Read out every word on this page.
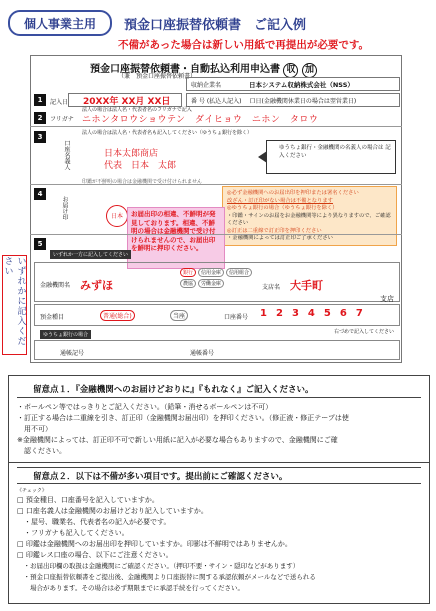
個人事業主用	預金口座振替依頼書　ご記入例
不備があった場合は新しい用紙で再提出が必要です。
預金口座振替依頼書・自動払込利用申込書 収 加
（兼　預金口座振替依頼書）
収納企業名	日本システム収納株式会社（NSS）
1	記入日	20XX年 XX月 XX日	番 号 (払込人記入) 口日(金融機関休業日の場合は翌営業日)
2	フリガナ
法人の場合は法人名・代表者名のフリガナで記入
ニホンタロウショウテン　ダイヒョウ　ニホン　タロウ
3
口座名義人
法人の場合は法人名・代表者名も記入してください（ゆうちょ銀行を除く）
日本太郎商店
代表　日本　太郎
ゆうちょ銀行・金融機関の名義人の場合は 記入ください
印鑑が不鮮明の場合は金融機関で受け付けられません
4
お届け印	日本
◎必ず金融機関へのお届出印を押印または署名ください
改ざん・訂正印がない場合は不備となります
◎ゆうちょ銀行の場合（ゆうちょ銀行を除く）
・印鑑・サインのお届をお金融機関等により異なりますので、ご確認ください
◎訂正は二重線で訂正印を押印ください
・金融機関によっては訂正印ご了承ください
お届出印の相違、不鮮明が発見しております。相違、不鮮明の場合は金融機関で受け付けられませんので、お届出印を鮮明に押印ください。
5
いずれか一方に記入してください
金融機関名 みずほ
銀行	信用金庫	信用組合
農協	労働金庫	支店名 大手町
支店
預金種目	普通(総合)	当座	口座番号 1 2 3 4 5 6 7
右づめで記入してください
ゆうちょ銀行の場合
通帳記号	通帳番号
いずれかに記入ください
留意点１．『金融機関へのお届けどおりに』『もれなく』ご記入ください。
・ボールペン等ではっきりとご記入ください。（鉛筆・消せるボールペンは不可）
・訂正する場合は二重線を引き、訂正印（金融機関お届出印）を押印ください。（修正液・修正テープは使
　用不可）
※金融機関によっては、訂正印不可で新しい用紙に記入が必要な場合もありますので、金融機関にご確
　認ください。
留意点２．以下は不備が多い項目です。提出前にご確認ください。
《チェック》
□ 預金種目、口座番号を記入していますか。
□ 口座名義人は金融機関のお届けどおり記入していますか。
　・屋号、職業名、代表者名の記入が必要です。
　・フリガナも記入してください。
□ 印鑑は金融機関へのお届出印を押印していますか。印影は不鮮明ではありませんか。
□ 印鑑レス口座の場合、以下にご注意ください。
　・お届出印欄の取扱は金融機関にご確認ください。（押印不要・サイン・隠印などがあります）
　・預金口座振替依頼書をご提出後、金融機関より口座振替に関する承認依頼がメールなどで送られる
　　場合があります。その場合は必ず期限までに承認手続を行ってください。
